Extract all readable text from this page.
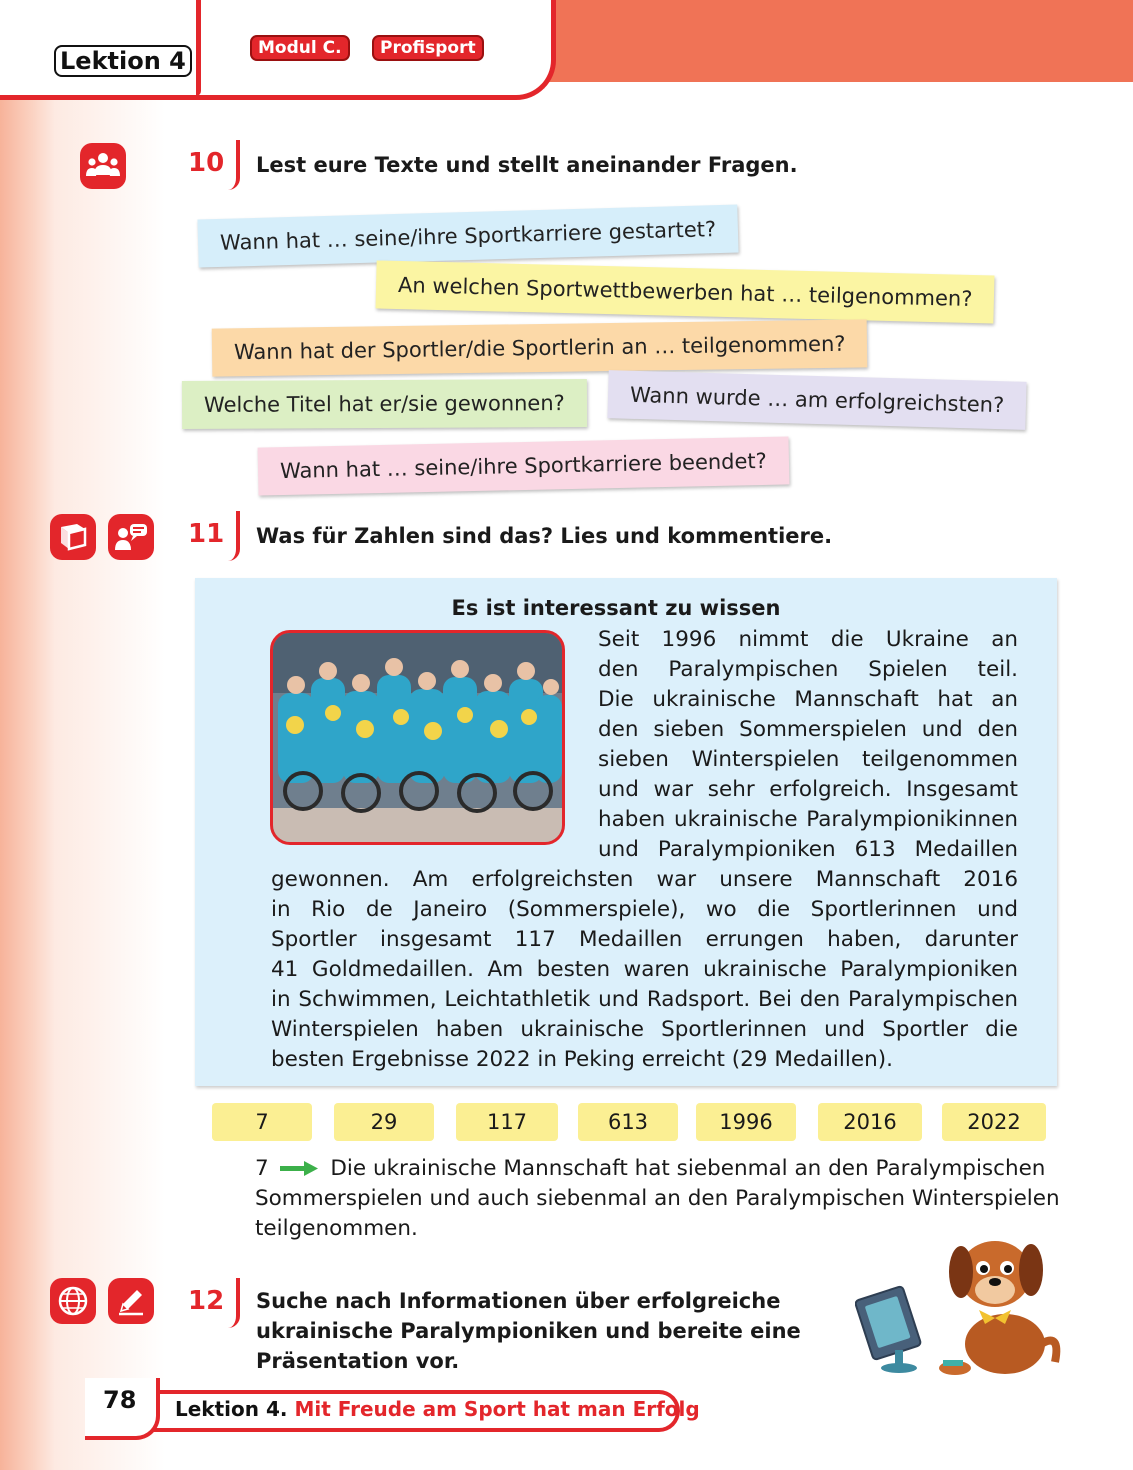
Lektion 4	Modul C.	Profisport
10 Lest eure Texte und stellt aneinander Fragen.
Wann hat … seine/ihre Sportkarriere gestartet?
An welchen Sportwettbewerben hat … teilgenommen?
Wann hat der Sportler/die Sportlerin an … teilgenommen?
Welche Titel hat er/sie gewonnen?	Wann wurde … am erfolgreichsten?
Wann hat … seine/ihre Sportkarriere beendet?
11 Was für Zahlen sind das? Lies und kommentiere.
Es ist interessant zu wissen
Seit 1996 nimmt die Ukraine an
den Paralympischen Spielen teil.
Die ukrainische Mannschaft hat an
den sieben Sommerspielen und den
sieben Winterspielen teilgenommen
und war sehr erfolgreich. Insgesamt
haben ukrainische Paralympionikinnen
und Paralympioniken 613 Medaillen
gewonnen. Am erfolgreichsten war unsere Mannschaft 2016
in Rio de Janeiro (Sommerspiele), wo die Sportlerinnen und
Sportler insgesamt 117 Medaillen errungen haben, darunter
41 Goldmedaillen. Am besten waren ukrainische Paralympioniken
in Schwimmen, Leichtathletik und Radsport. Bei den Paralympischen
Winterspielen haben ukrainische Sportlerinnen und Sportler die
besten Ergebnisse 2022 in Peking erreicht (29 Medaillen).
7	29	117	613	1996	2016	2022
7	Die ukrainische Mannschaft hat siebenmal an den Paralympischen
Sommerspielen und auch siebenmal an den Paralympischen Winterspielen
teilgenommen.
12 Suche nach Informationen über erfolgreiche
ukrainische Paralympioniken und bereite eine
Präsentation vor.
78 Lektion 4. Mit Freude am Sport hat man Erfolg
